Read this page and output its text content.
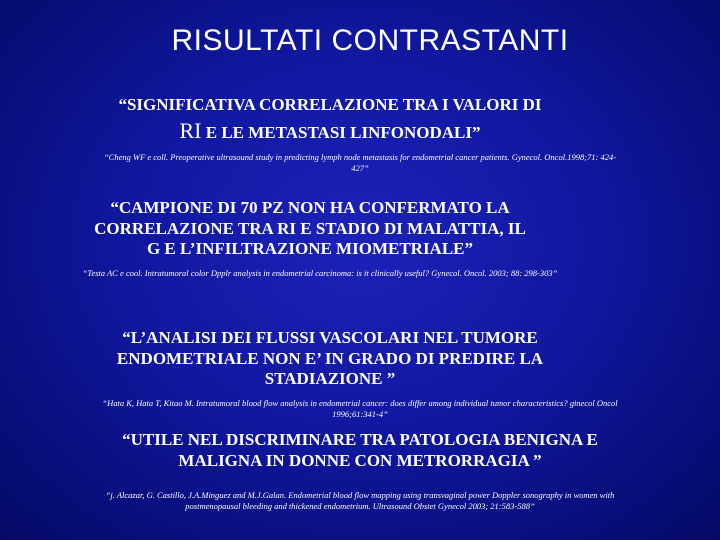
RISULTATI CONTRASTANTI
“SIGNIFICATIVA CORRELAZIONE TRA I VALORI DI
RI E LE METASTASI LINFONODALI”
“Cheng WF e coll. Preoperative ultrasound study in predicting lymph node metastasis for endometrial cancer patients. Gynecol. Oncol.1998;71: 424-
427”
“CAMPIONE DI 70 PZ NON HA CONFERMATO LA
CORRELAZIONE TRA RI E STADIO DI MALATTIA, IL
G E L’INFILTRAZIONE MIOMETRIALE”
“Testa AC e cool. Intratumoral color Dpplr analysis in endometrial carcinoma: is it clinically useful? Gynecol. Oncol. 2003; 88: 298-303”
“L’ANALISI DEI FLUSSI VASCOLARI NEL TUMORE
ENDOMETRIALE NON E’ IN GRADO DI PREDIRE LA
STADIAZIONE ”
“Hata K, Hata T, Kitao M. Intratumoral blood flow analysis in endometrial cancer: does differ among individual tumor characteristics? ginecol Oncol
1996;61:341-4”
“UTILE NEL DISCRIMINARE TRA PATOLOGIA BENIGNA E
MALIGNA IN DONNE CON METRORRAGIA ”
“j. Alcazar, G. Castillo, J.A.Minguez and M.J.Galan. Endometrial blood flow mapping using transvaginal power Doppler sonography in women with
postmenopausal bleeding and thickened endometrium. Ultrasound Obstet Gynecol 2003; 21:583-588”
